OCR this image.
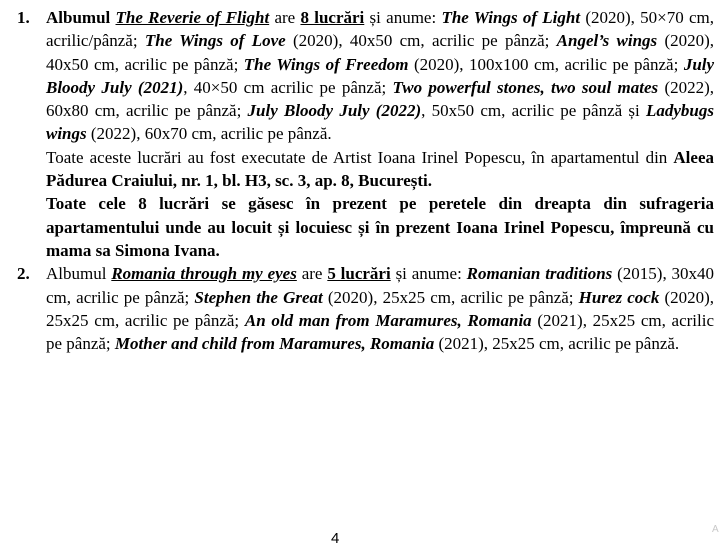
1. Albumul The Reverie of Flight are 8 lucrări și anume: The Wings of Light (2020), 50×70 cm, acrilic/pânză; The Wings of Love (2020), 40x50 cm, acrilic pe pânză; Angel’s wings (2020), 40x50 cm, acrilic pe pânză; The Wings of Freedom (2020), 100x100 cm, acrilic pe pânză; July Bloody July (2021), 40×50 cm acrilic pe pânză; Two powerful stones, two soul mates (2022), 60x80 cm, acrilic pe pânză; July Bloody July (2022), 50x50 cm, acrilic pe pânză și Ladybugs wings (2022), 60x70 cm, acrilic pe pânză.

Toate aceste lucrări au fost executate de Artist Ioana Irinel Popescu, în apartamentul din Aleea Pădurea Craiului, nr. 1, bl. H3, sc. 3, ap. 8, București.

Toate cele 8 lucrări se găsesc în prezent pe peretele din dreapta din sufrageria apartamentului unde au locuit și locuiesc și în prezent Ioana Irinel Popescu, împreună cu mama sa Simona Ivana.

2. Albumul Romania through my eyes are 5 lucrări și anume: Romanian traditions (2015), 30x40 cm, acrilic pe pânză; Stephen the Great (2020), 25x25 cm, acrilic pe pânză; Hurez cock (2020), 25x25 cm, acrilic pe pânză; An old man from Maramures, Romania (2021), 25x25 cm, acrilic pe pânză; Mother and child from Maramures, Romania (2021), 25x25 cm, acrilic pe pânză.

4
A
